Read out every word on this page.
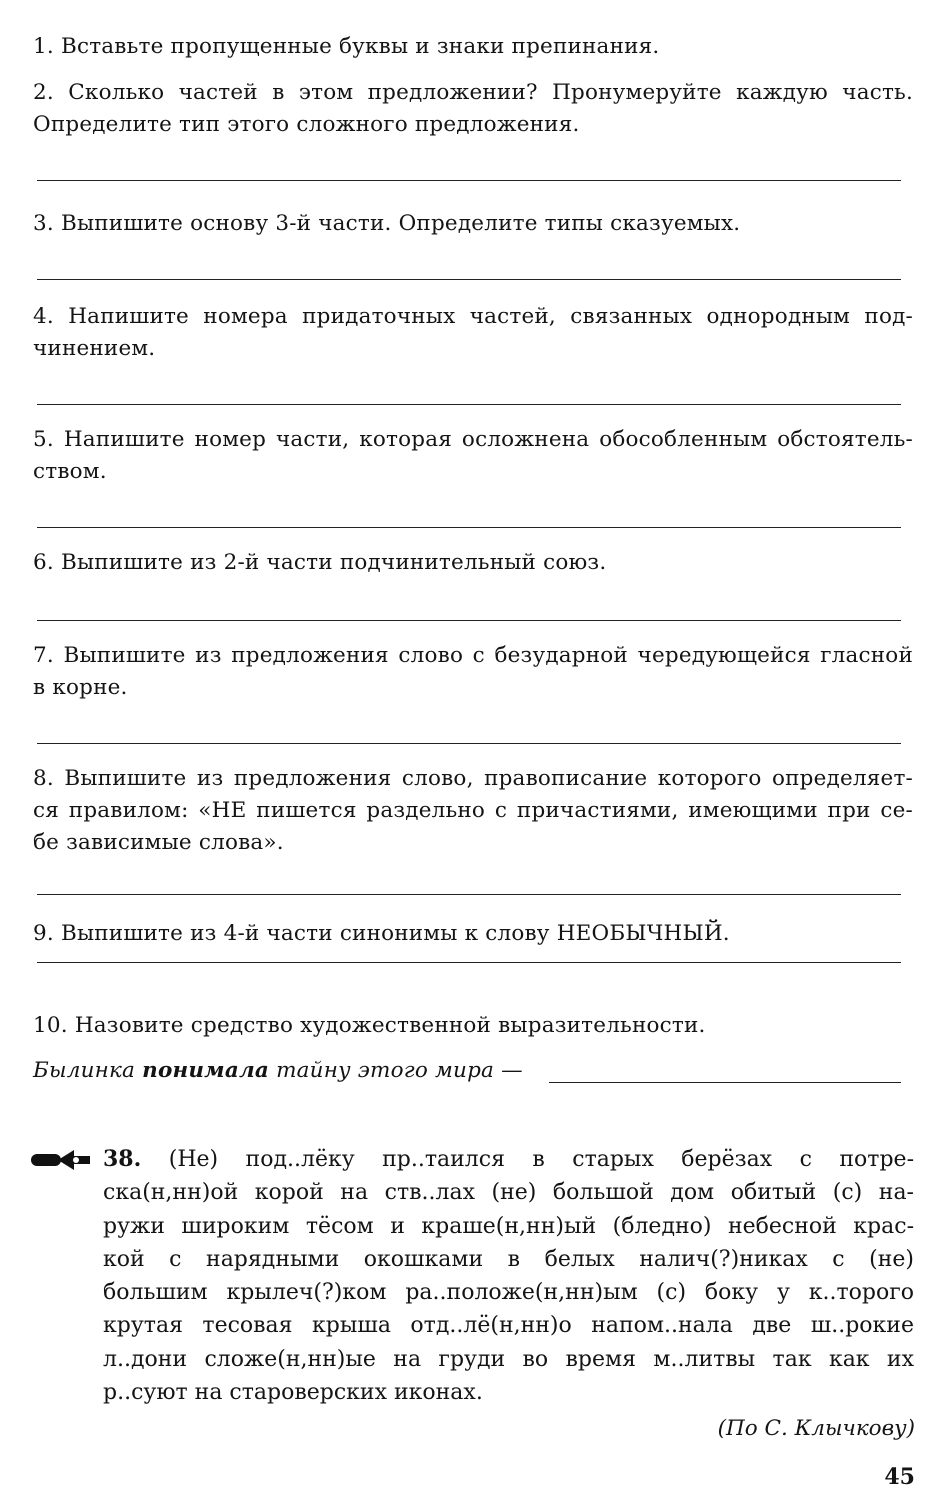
1. Вставьте пропущенные буквы и знаки препинания.
2. Сколько частей в этом предложении? Пронумеруйте каждую часть.
Определите тип этого сложного предложения.
3. Выпишите основу 3-й части. Определите типы сказуемых.
4. Напишите номера придаточных частей, связанных однородным под-
чинением.
5. Напишите номер части, которая осложнена обособленным обстоятель-
ством.
6. Выпишите из 2-й части подчинительный союз.
7. Выпишите из предложения слово с безударной чередующейся гласной
в корне.
8. Выпишите из предложения слово, правописание которого определяет-
ся правилом: «НЕ пишется раздельно с причастиями, имеющими при се-
бе зависимые слова».
9. Выпишите из 4-й части синонимы к слову НЕОБЫЧНЫЙ.
10. Назовите средство художественной выразительности.
Былинка понимала тайну этого мира —
38. (Не) под..лёку пр..таился в старых берёзах с потре-
ска(н,нн)ой корой на ств..лах (не) большой дом обитый (с) на-
ружи широким тёсом и краше(н,нн)ый (бледно) небесной крас-
кой с нарядными окошками в белых налич(?)никах с (не)
большим крылеч(?)ком ра..положе(н,нн)ым (с) боку у к..торого
крутая тесовая крыша отд..лё(н,нн)о напом..нала две ш..рокие
л..дони сложе(н,нн)ые на груди во время м..литвы так как их
р..суют на староверских иконах.
(По С. Клычкову)
45
